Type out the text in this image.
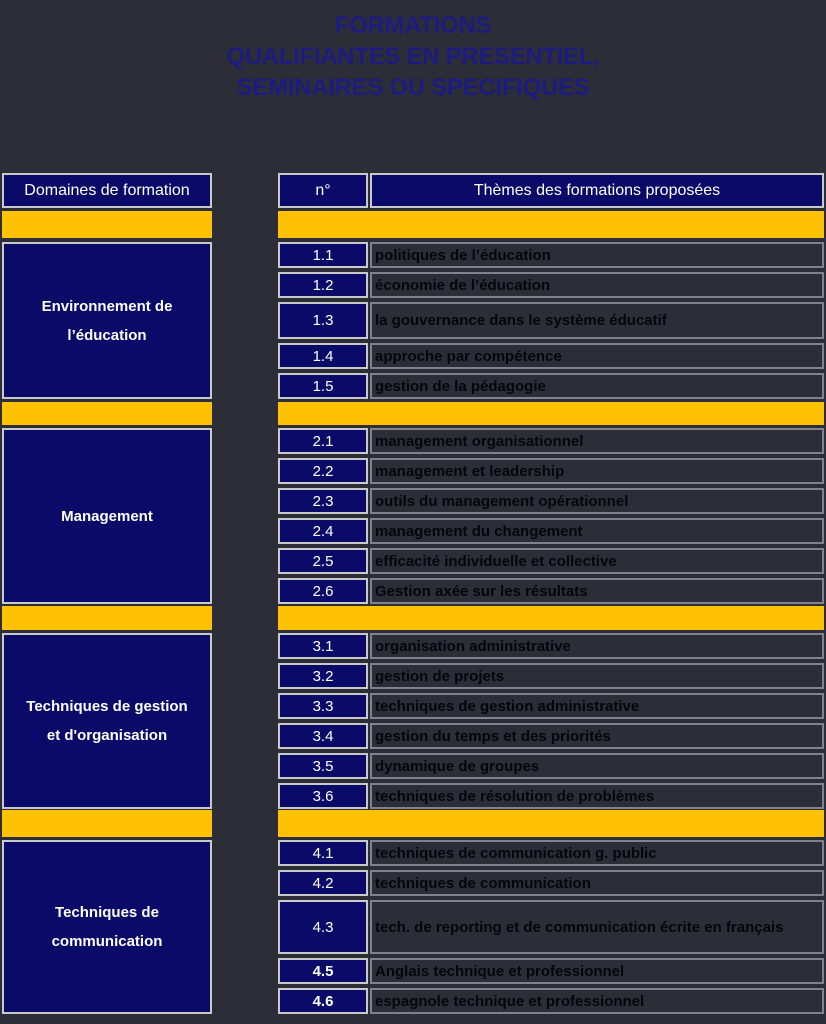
FORMATIONS
QUALIFIANTES EN PRESENTIEL,
SEMINAIRES OU SPECIFIQUES
Domaines de formation	n°	Thèmes des formations proposées
Environnement de l’éducation
1.1	politiques de l’éducation
1.2	économie de l’éducation
1.3	la gouvernance dans le système éducatif
1.4	approche par compétence
1.5	gestion de la pédagogie
Management
2.1	management organisationnel
2.2	management et leadership
2.3	outils du management opérationnel
2.4	management du changement
2.5	efficacité individuelle et collective
2.6	Gestion axée sur les résultats
Techniques de gestion et d'organisation
3.1	organisation administrative
3.2	gestion de projets
3.3	techniques de gestion administrative
3.4	gestion du temps et des priorités
3.5	dynamique de groupes
3.6	techniques de résolution de problèmes
Techniques de communication
4.1	techniques de communication g. public
4.2	techniques de communication
4.3	tech. de reporting et de communication écrite en français
4.5	Anglais technique et professionnel
4.6	espagnole technique et professionnel
